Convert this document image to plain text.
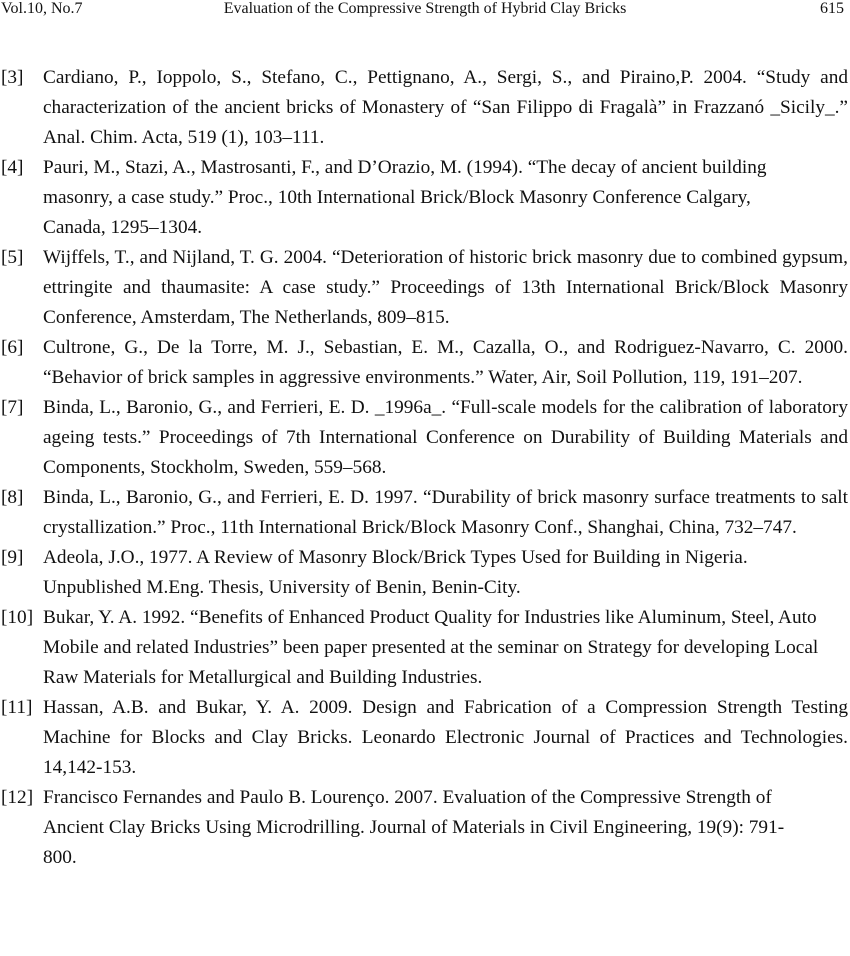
Vol.10, No.7	Evaluation of the Compressive Strength of Hybrid Clay Bricks	615

[3] Cardiano, P., Ioppolo, S., Stefano, C., Pettignano, A., Sergi, S., and Piraino,P. 2004. “Study and characterization of the ancient bricks of Monastery of “San Filippo di Fragalà” in Frazzanó _Sicily_.” Anal. Chim. Acta, 519 (1), 103–111.

[4] Pauri, M., Stazi, A., Mastrosanti, F., and D’Orazio, M. (1994). “The decay of ancient building masonry, a case study.” Proc., 10th International Brick/Block Masonry Conference Calgary, Canada, 1295–1304.

[5] Wijffels, T., and Nijland, T. G. 2004. “Deterioration of historic brick masonry due to combined gypsum, ettringite and thaumasite: A case study.” Proceedings of 13th International Brick/Block Masonry Conference, Amsterdam, The Netherlands, 809–815.

[6] Cultrone, G., De la Torre, M. J., Sebastian, E. M., Cazalla, O., and Rodriguez-Navarro, C. 2000. “Behavior of brick samples in aggressive environments.” Water, Air, Soil Pollution, 119, 191–207.

[7] Binda, L., Baronio, G., and Ferrieri, E. D. _1996a_. “Full-scale models for the calibration of laboratory ageing tests.” Proceedings of 7th International Conference on Durability of Building Materials and Components, Stockholm, Sweden, 559–568.

[8] Binda, L., Baronio, G., and Ferrieri, E. D. 1997. “Durability of brick masonry surface treatments to salt crystallization.” Proc., 11th International Brick/Block Masonry Conf., Shanghai, China, 732–747.

[9] Adeola, J.O., 1977. A Review of Masonry Block/Brick Types Used for Building in Nigeria. Unpublished M.Eng. Thesis, University of Benin, Benin-City.

[10] Bukar, Y. A. 1992. “Benefits of Enhanced Product Quality for Industries like Aluminum, Steel, Auto Mobile and related Industries” been paper presented at the seminar on Strategy for developing Local Raw Materials for Metallurgical and Building Industries.

[11] Hassan, A.B. and Bukar, Y. A. 2009. Design and Fabrication of a Compression Strength Testing Machine for Blocks and Clay Bricks. Leonardo Electronic Journal of Practices and Technologies. 14,142-153.

[12] Francisco Fernandes and Paulo B. Lourenço. 2007. Evaluation of the Compressive Strength of Ancient Clay Bricks Using Microdrilling. Journal of Materials in Civil Engineering, 19(9): 791-800.
